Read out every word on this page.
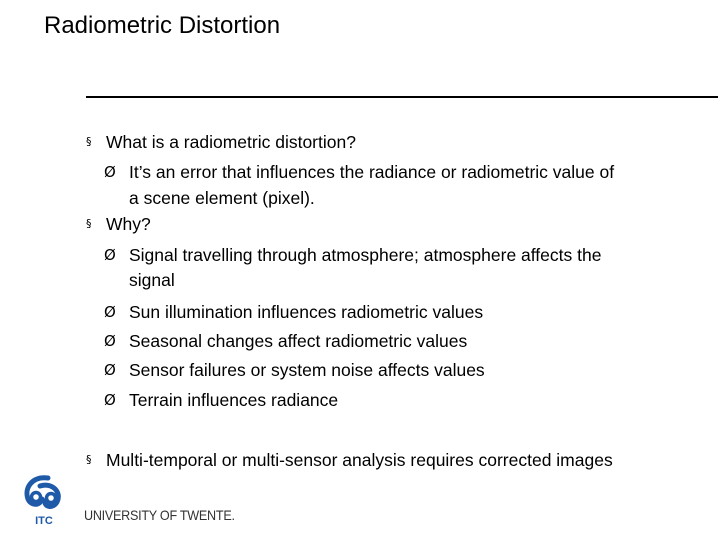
Radiometric Distortion
§ What is a radiometric distortion?
Ø It’s an error that influences the radiance or radiometric value of
a scene element (pixel).
§ Why?
Ø Signal travelling through atmosphere; atmosphere affects the
signal
Ø Sun illumination influences radiometric values
Ø Seasonal changes affect radiometric values
Ø Sensor failures or system noise affects values
Ø Terrain influences radiance
§ Multi-temporal or multi-sensor analysis requires corrected images
ITC UNIVERSITY OF TWENTE.
